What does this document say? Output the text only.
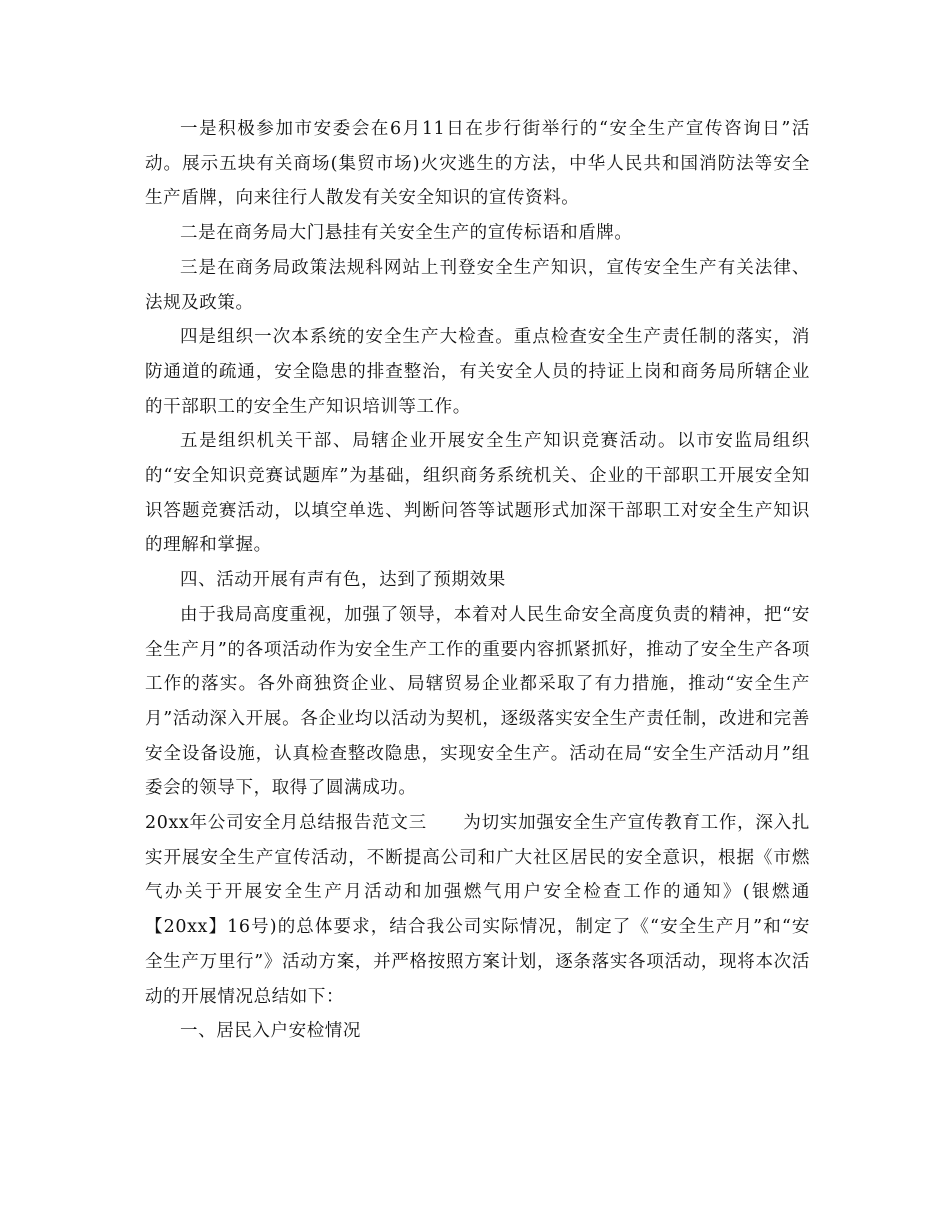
一是积极参加市安委会在6月11日在步行街举行的“安全生产宣传咨询日”活动。展示五块有关商场(集贸市场)火灾逃生的方法，中华人民共和国消防法等安全生产盾牌，向来往行人散发有关安全知识的宣传资料。

二是在商务局大门悬挂有关安全生产的宣传标语和盾牌。

三是在商务局政策法规科网站上刊登安全生产知识，宣传安全生产有关法律、法规及政策。

四是组织一次本系统的安全生产大检查。重点检查安全生产责任制的落实，消防通道的疏通，安全隐患的排查整治，有关安全人员的持证上岗和商务局所辖企业的干部职工的安全生产知识培训等工作。

五是组织机关干部、局辖企业开展安全生产知识竞赛活动。以市安监局组织的“安全知识竞赛试题库”为基础，组织商务系统机关、企业的干部职工开展安全知识答题竞赛活动，以填空单选、判断问答等试题形式加深干部职工对安全生产知识的理解和掌握。

四、活动开展有声有色，达到了预期效果

由于我局高度重视，加强了领导，本着对人民生命安全高度负责的精神，把“安全生产月”的各项活动作为安全生产工作的重要内容抓紧抓好，推动了安全生产各项工作的落实。各外商独资企业、局辖贸易企业都采取了有力措施，推动“安全生产月”活动深入开展。各企业均以活动为契机，逐级落实安全生产责任制，改进和完善安全设备设施，认真检查整改隐患，实现安全生产。活动在局“安全生产活动月”组委会的领导下，取得了圆满成功。

20xx年公司安全月总结报告范文三　　为切实加强安全生产宣传教育工作，深入扎实开展安全生产宣传活动，不断提高公司和广大社区居民的安全意识，根据《市燃气办关于开展安全生产月活动和加强燃气用户安全检查工作的通知》(银燃通【20xx】16号)的总体要求，结合我公司实际情况，制定了《“安全生产月”和“安全生产万里行”》活动方案，并严格按照方案计划，逐条落实各项活动，现将本次活动的开展情况总结如下：

一、居民入户安检情况
